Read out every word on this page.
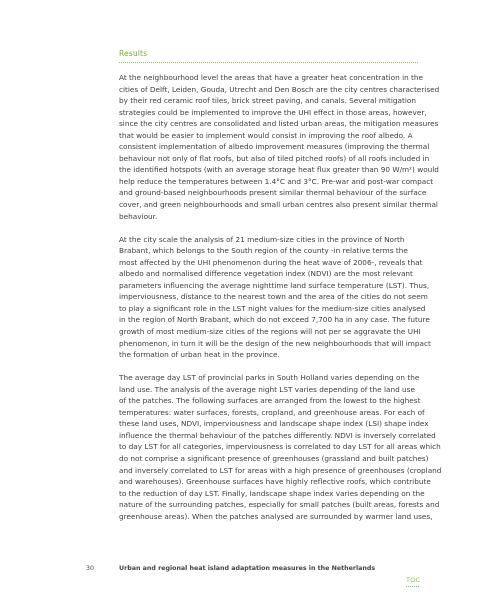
Results

At the neighbourhood level the areas that have a greater heat concentration in the
cities of Delft, Leiden, Gouda, Utrecht and Den Bosch are the city centres characterised
by their red ceramic roof tiles, brick street paving, and canals. Several mitigation
strategies could be implemented to improve the UHI effect in those areas, however,
since the city centres are consolidated and listed urban areas, the mitigation measures
that would be easier to implement would consist in improving the roof albedo. A
consistent implementation of albedo improvement measures (improving the thermal
behaviour not only of flat roofs, but also of tiled pitched roofs) of all roofs included in
the identified hotspots (with an average storage heat flux greater than 90 W/m²) would
help reduce the temperatures between 1.4°C and 3°C. Pre-war and post-war compact
and ground-based neighbourhoods present similar thermal behaviour of the surface
cover, and green neighbourhoods and small urban centres also present similar thermal
behaviour.

At the city scale the analysis of 21 medium-size cities in the province of North
Brabant, which belongs to the South region of the county -in relative terms the
most affected by the UHI phenomenon during the heat wave of 2006-, reveals that
albedo and normalised difference vegetation index (NDVI) are the most relevant
parameters influencing the average nighttime land surface temperature (LST). Thus,
imperviousness, distance to the nearest town and the area of the cities do not seem
to play a significant role in the LST night values for the medium-size cities analysed
in the region of North Brabant, which do not exceed 7,700 ha in any case. The future
growth of most medium-size cities of the regions will not per se aggravate the UHI
phenomenon, in turn it will be the design of the new neighbourhoods that will impact
the formation of urban heat in the province.

The average day LST of provincial parks in South Holland varies depending on the
land use. The analysis of the average night LST varies depending of the land use
of the patches. The following surfaces are arranged from the lowest to the highest
temperatures: water surfaces, forests, cropland, and greenhouse areas. For each of
these land uses, NDVI, imperviousness and landscape shape index (LSI) shape index
influence the thermal behaviour of the patches differently. NDVI is inversely correlated
to day LST for all categories, imperviousness is correlated to day LST for all areas which
do not comprise a significant presence of greenhouses (grassland and built patches)
and inversely correlated to LST for areas with a high presence of greenhouses (cropland
and warehouses). Greenhouse surfaces have highly reflective roofs, which contribute
to the reduction of day LST. Finally, landscape shape index varies depending on the
nature of the surrounding patches, especially for small patches (built areas, forests and
greenhouse areas). When the patches analysed are surrounded by warmer land uses,

30	Urban and regional heat island adaptation measures in the Netherlands
TOC
